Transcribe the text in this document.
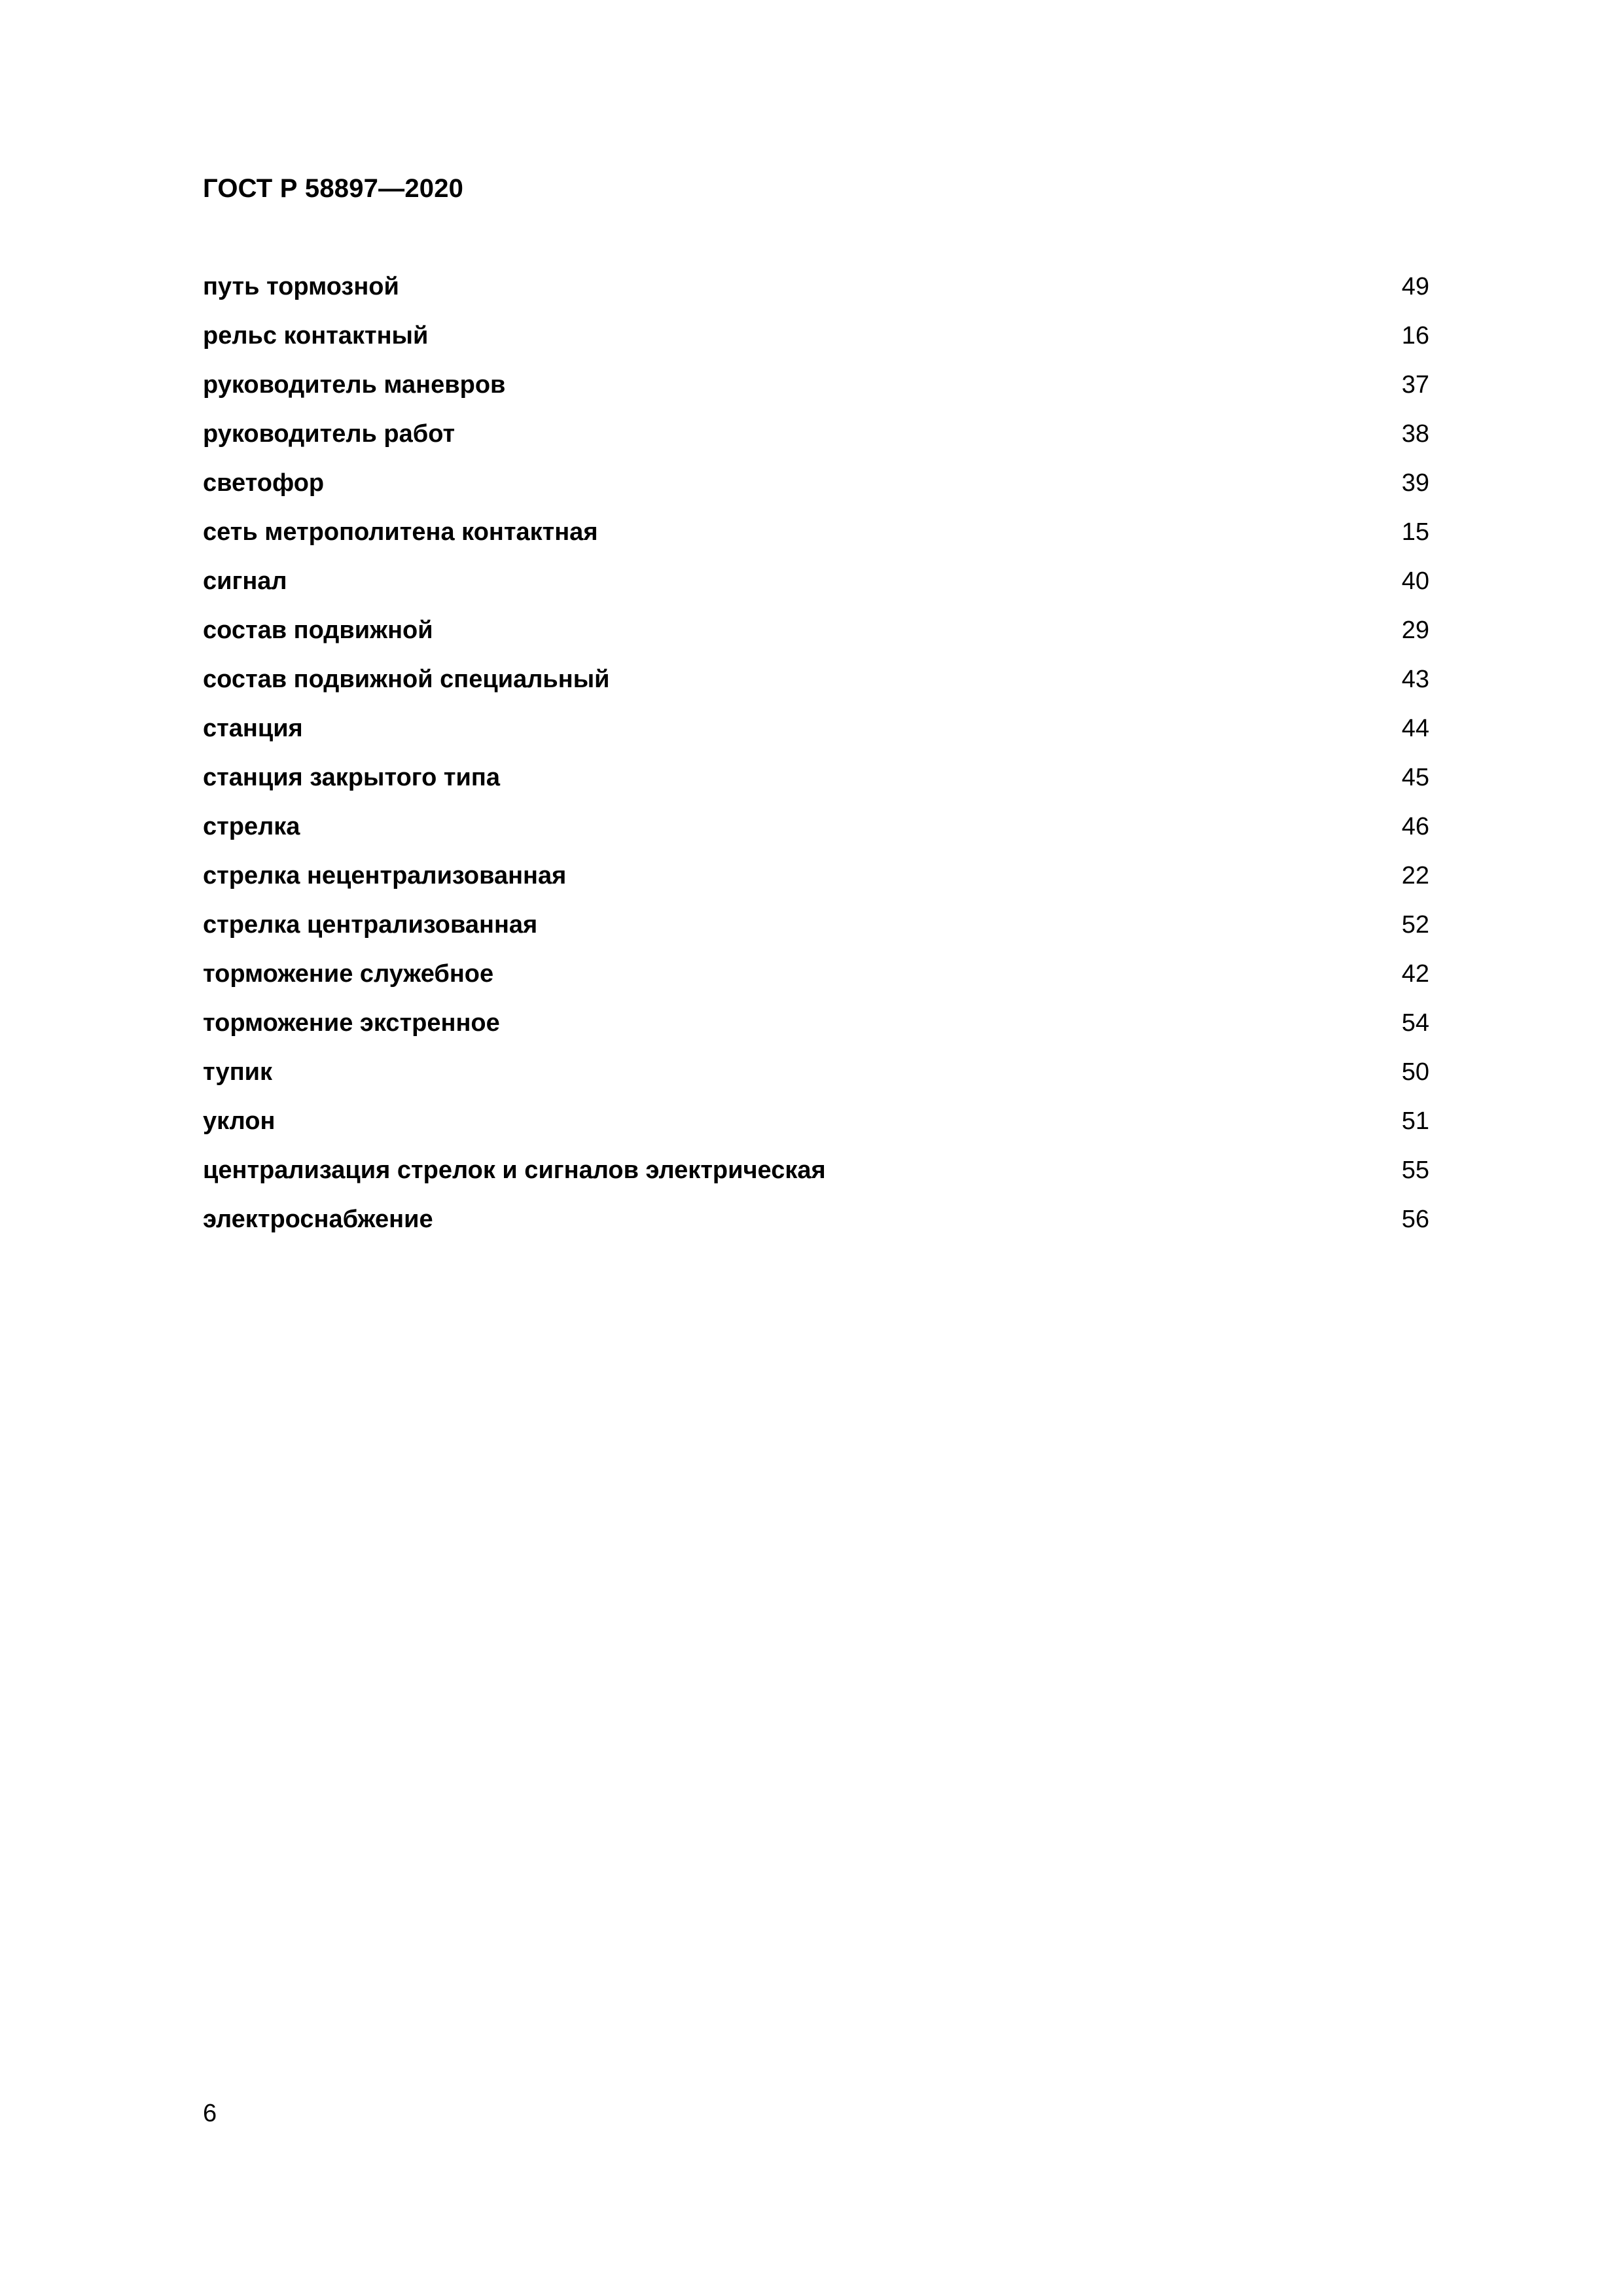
ГОСТ Р 58897—2020
путь тормозной	49
рельс контактный	16
руководитель маневров	37
руководитель работ	38
светофор	39
сеть метрополитена контактная	15
сигнал	40
состав подвижной	29
состав подвижной специальный	43
станция	44
станция закрытого типа	45
стрелка	46
стрелка нецентрализованная	22
стрелка централизованная	52
торможение служебное	42
торможение экстренное	54
тупик	50
уклон	51
централизация стрелок и сигналов электрическая	55
электроснабжение	56
6
